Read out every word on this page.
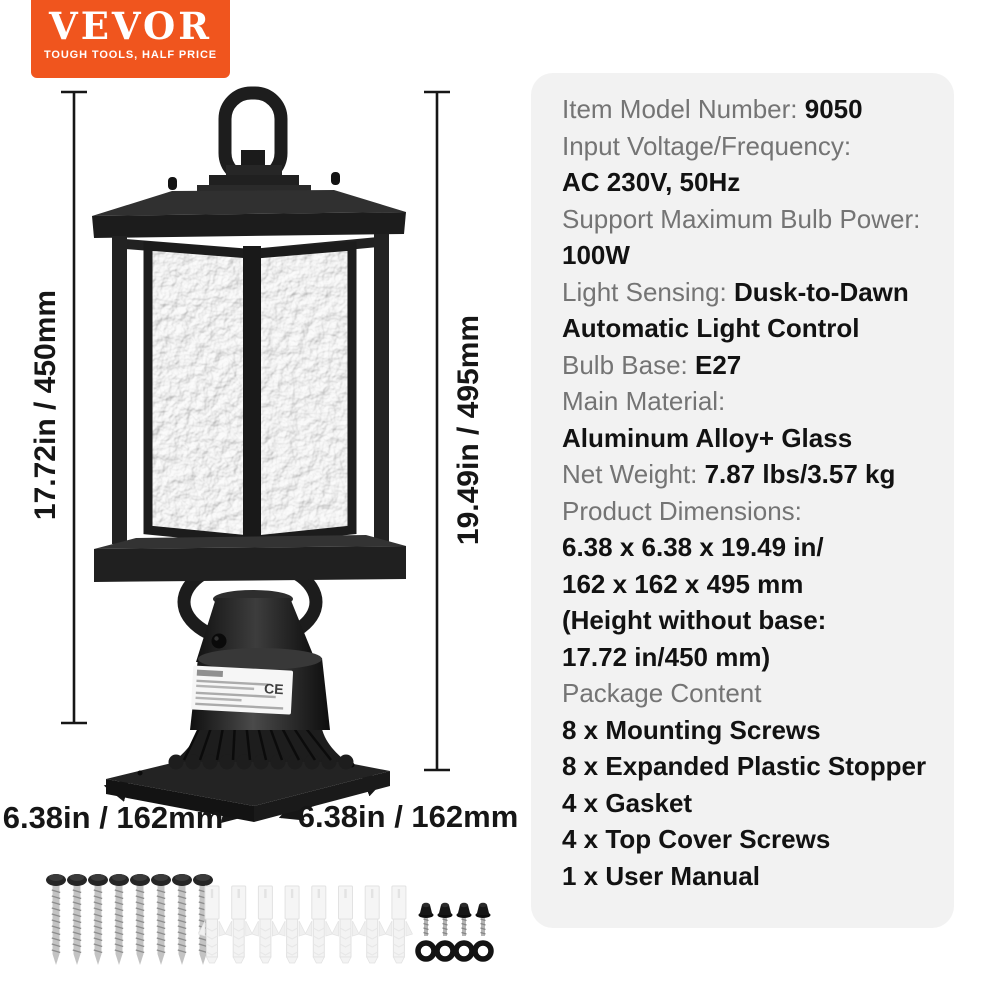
CE
VEVOR
TOUGH TOOLS, HALF PRICE
Item Model Number: 9050
Input Voltage/Frequency:
AC 230V, 50Hz
Support Maximum Bulb Power:
100W
Light Sensing: Dusk-to-Dawn
Automatic Light Control
Bulb Base: E27
Main Material:
Aluminum Alloy+ Glass
Net Weight: 7.87 lbs/3.57 kg
Product Dimensions:
6.38 x 6.38 x 19.49 in/
162 x 162 x 495 mm
(Height without base:
17.72 in/450 mm)
Package Content
8 x Mounting Screws
8 x Expanded Plastic Stopper
4 x Gasket
4 x Top Cover Screws
1 x User Manual
17.72in / 450mm	19.49in / 495mm
6.38in / 162mm 6.38in / 162mm
